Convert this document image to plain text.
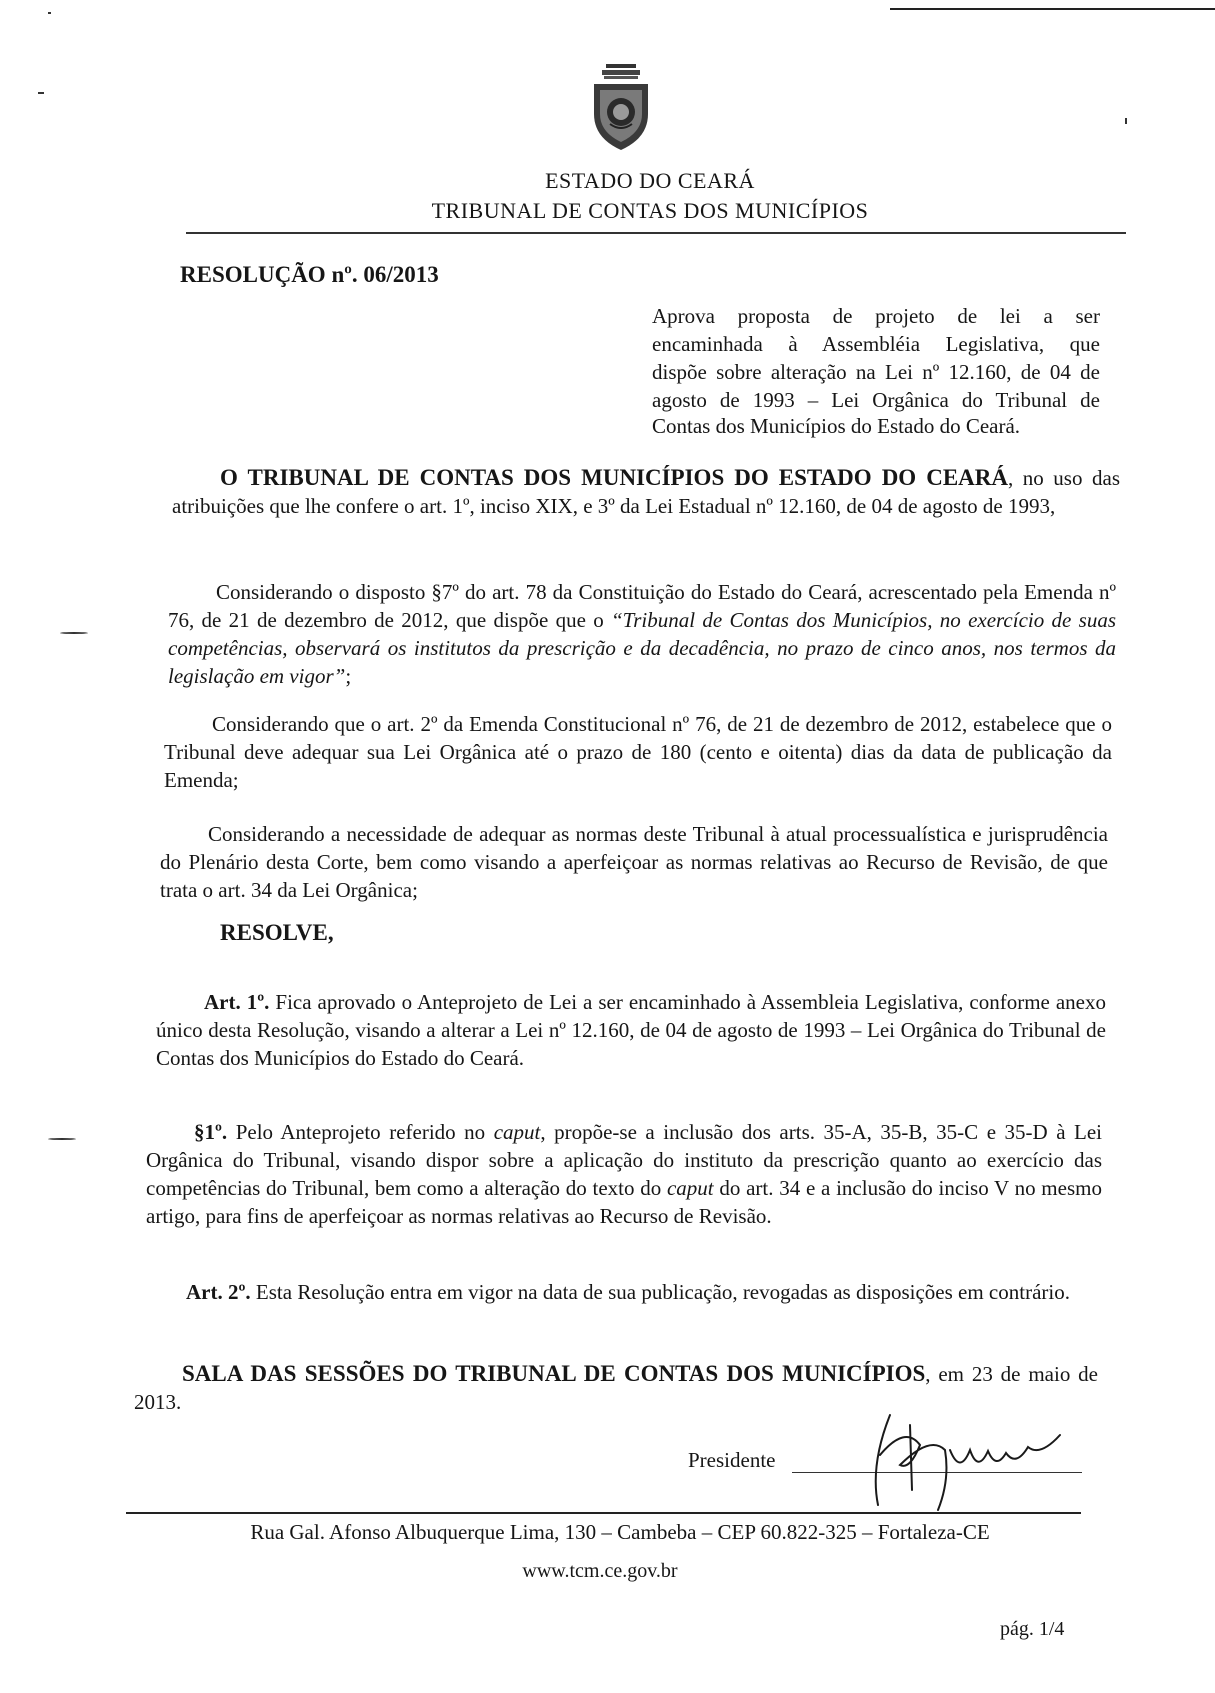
ESTADO DO CEARÁ
TRIBUNAL DE CONTAS DOS MUNICÍPIOS
RESOLUÇÃO nº. 06/2013
Aprova proposta de projeto de lei a ser
encaminhada à Assembléia Legislativa, que
dispõe sobre alteração na Lei nº 12.160, de 04 de
agosto de 1993 – Lei Orgânica do Tribunal de
Contas dos Municípios do Estado do Ceará.
O TRIBUNAL DE CONTAS DOS MUNICÍPIOS DO ESTADO DO CEARÁ, no uso das atribuições que lhe confere o art. 1º, inciso XIX, e 3º da Lei Estadual nº 12.160, de 04 de agosto de 1993,
Considerando o disposto §7º do art. 78 da Constituição do Estado do Ceará, acrescentado pela Emenda nº 76, de 21 de dezembro de 2012, que dispõe que o “Tribunal de Contas dos Municípios, no exercício de suas competências, observará os institutos da prescrição e da decadência, no prazo de cinco anos, nos termos da legislação em vigor”;
Considerando que o art. 2º da Emenda Constitucional nº 76, de 21 de dezembro de 2012, estabelece que o Tribunal deve adequar sua Lei Orgânica até o prazo de 180 (cento e oitenta) dias da data de publicação da Emenda;
Considerando a necessidade de adequar as normas deste Tribunal à atual processualística e jurisprudência do Plenário desta Corte, bem como visando a aperfeiçoar as normas relativas ao Recurso de Revisão, de que trata o art. 34 da Lei Orgânica;
RESOLVE,
Art. 1º. Fica aprovado o Anteprojeto de Lei a ser encaminhado à Assembleia Legislativa, conforme anexo único desta Resolução, visando a alterar a Lei nº 12.160, de 04 de agosto de 1993 – Lei Orgânica do Tribunal de Contas dos Municípios do Estado do Ceará.
§1º. Pelo Anteprojeto referido no caput, propõe-se a inclusão dos arts. 35-A, 35-B, 35-C e 35-D à Lei Orgânica do Tribunal, visando dispor sobre a aplicação do instituto da prescrição quanto ao exercício das competências do Tribunal, bem como a alteração do texto do caput do art. 34 e a inclusão do inciso V no mesmo artigo, para fins de aperfeiçoar as normas relativas ao Recurso de Revisão.
Art. 2º. Esta Resolução entra em vigor na data de sua publicação, revogadas as disposições em contrário.
SALA DAS SESSÕES DO TRIBUNAL DE CONTAS DOS MUNICÍPIOS, em 23 de maio de 2013.
Presidente
Rua Gal. Afonso Albuquerque Lima, 130 – Cambeba – CEP 60.822-325 – Fortaleza-CE
www.tcm.ce.gov.br
pág. 1/4
